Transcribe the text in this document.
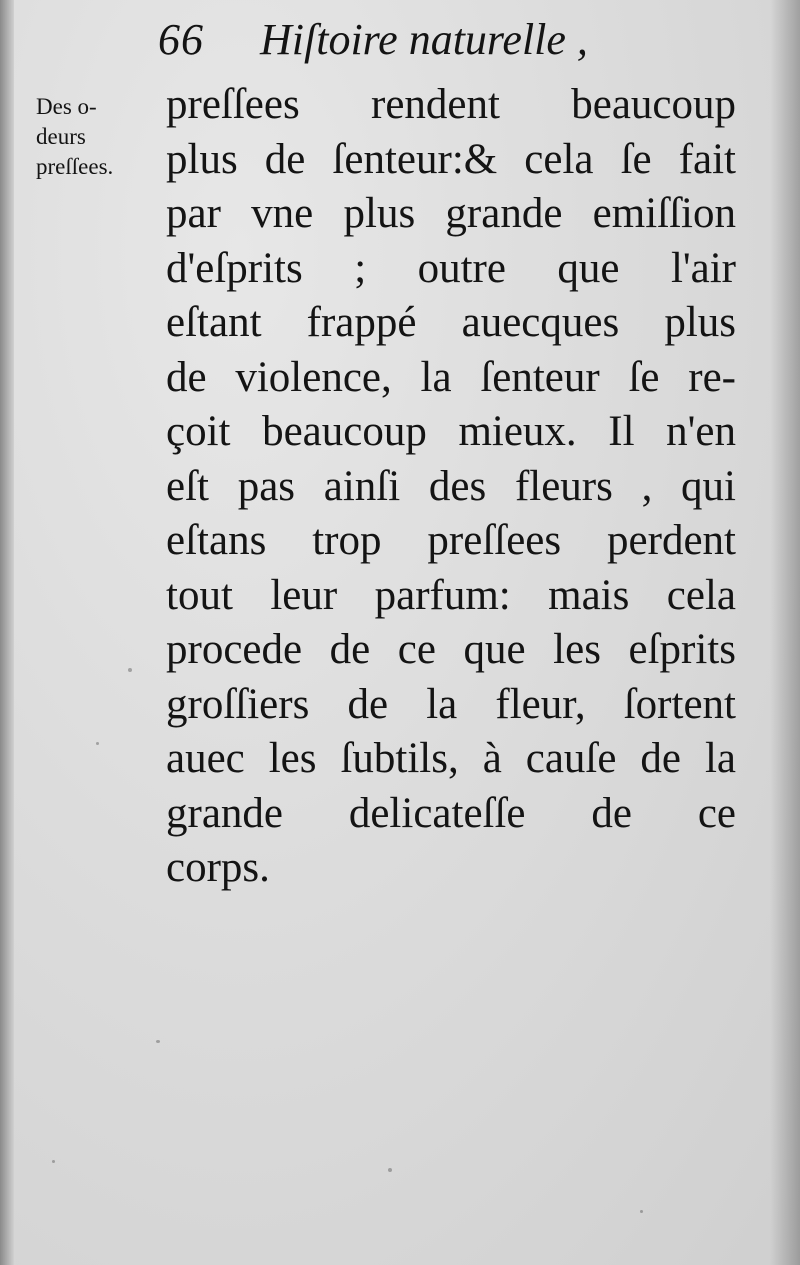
66 Hiſtoire naturelle ,
Des o-
deurs
preſſees.
preſſees rendent beaucoup
plus de ſenteur:& cela ſe fait
par vne plus grande emiſſion
d'eſprits ; outre que l'air
eſtant frappé auecques plus
de violence, la ſenteur ſe re-
çoit beaucoup mieux. Il n'en
eſt pas ainſi des fleurs , qui
eſtans trop preſſees perdent
tout leur parfum: mais cela
procede de ce que les eſprits
groſſiers de la fleur, ſortent
auec les ſubtils, à cauſe de la
grande delicateſſe de ce
corps.
